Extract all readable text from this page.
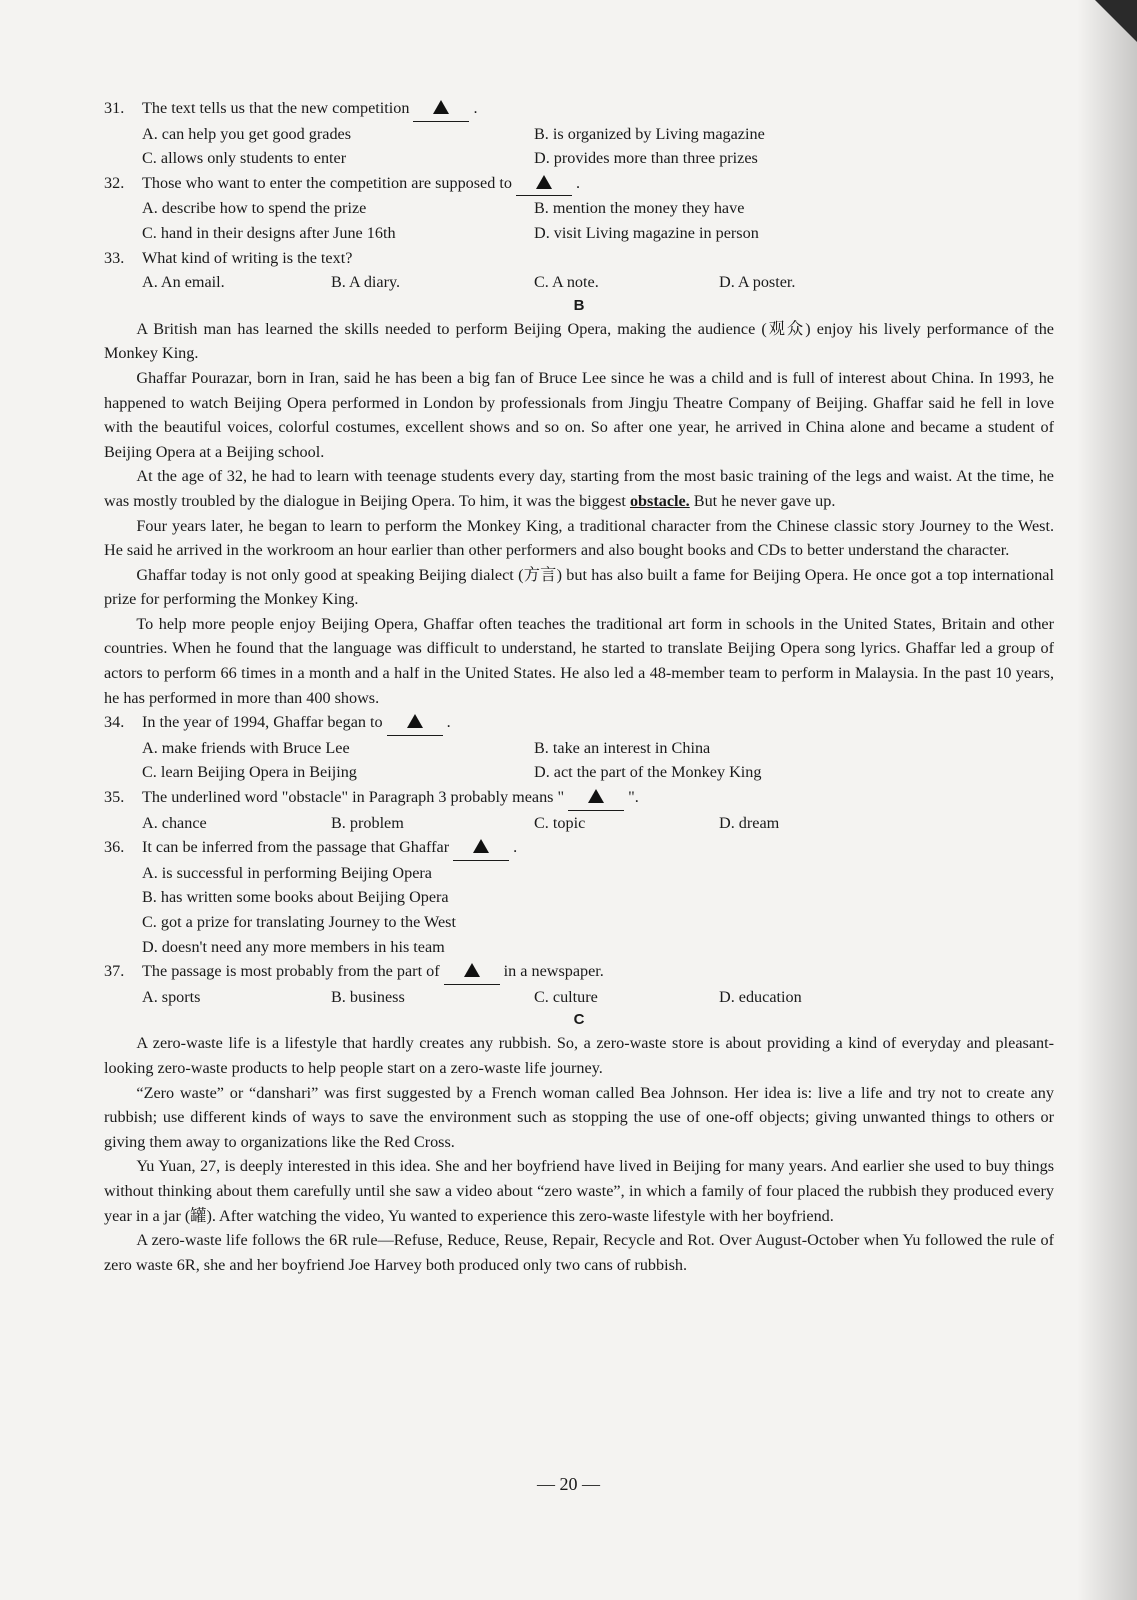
31. The text tells us that the new competition	.
A. can help you get good grades	B. is organized by Living magazine
C. allows only students to enter	D. provides more than three prizes
32. Those who want to enter the competition are supposed to	.
A. describe how to spend the prize	B. mention the money they have
C. hand in their designs after June 16th	D. visit Living magazine in person
33. What kind of writing is the text?
A. An email.	B. A diary.	C. A note.	D. A poster.
B

A British man has learned the skills needed to perform Beijing Opera, making the audience (观众) enjoy his lively performance of the Monkey King.

Ghaffar Pourazar, born in Iran, said he has been a big fan of Bruce Lee since he was a child and is full of interest about China. In 1993, he happened to watch Beijing Opera performed in London by professionals from Jingju Theatre Company of Beijing. Ghaffar said he fell in love with the beautiful voices, colorful costumes, excellent shows and so on. So after one year, he arrived in China alone and became a student of Beijing Opera at a Beijing school.

At the age of 32, he had to learn with teenage students every day, starting from the most basic training of the legs and waist. At the time, he was mostly troubled by the dialogue in Beijing Opera. To him, it was the biggest obstacle. But he never gave up.

Four years later, he began to learn to perform the Monkey King, a traditional character from the Chinese classic story Journey to the West. He said he arrived in the workroom an hour earlier than other performers and also bought books and CDs to better understand the character.

Ghaffar today is not only good at speaking Beijing dialect (方言) but has also built a fame for Beijing Opera. He once got a top international prize for performing the Monkey King.

To help more people enjoy Beijing Opera, Ghaffar often teaches the traditional art form in schools in the United States, Britain and other countries. When he found that the language was difficult to understand, he started to translate Beijing Opera song lyrics. Ghaffar led a group of actors to perform 66 times in a month and a half in the United States. He also led a 48-member team to perform in Malaysia. In the past 10 years, he has performed in more than 400 shows.

34. In the year of 1994, Ghaffar began to	.
A. make friends with Bruce Lee	B. take an interest in China
C. learn Beijing Opera in Beijing	D. act the part of the Monkey King
35. The underlined word "obstacle" in Paragraph 3 probably means "	".
A. chance	B. problem	C. topic	D. dream
36. It can be inferred from the passage that Ghaffar	.
A. is successful in performing Beijing Opera
B. has written some books about Beijing Opera
C. got a prize for translating Journey to the West
D. doesn't need any more members in his team
37. The passage is most probably from the part of	in a newspaper.
A. sports	B. business	C. culture	D. education
C

A zero-waste life is a lifestyle that hardly creates any rubbish. So, a zero-waste store is about providing a kind of everyday and pleasant-looking zero-waste products to help people start on a zero-waste life journey.

“Zero waste” or “danshari” was first suggested by a French woman called Bea Johnson. Her idea is: live a life and try not to create any rubbish; use different kinds of ways to save the environment such as stopping the use of one-off objects; giving unwanted things to others or giving them away to organizations like the Red Cross.

Yu Yuan, 27, is deeply interested in this idea. She and her boyfriend have lived in Beijing for many years. And earlier she used to buy things without thinking about them carefully until she saw a video about “zero waste”, in which a family of four placed the rubbish they produced every year in a jar (罐). After watching the video, Yu wanted to experience this zero-waste lifestyle with her boyfriend.

A zero-waste life follows the 6R rule—Refuse, Reduce, Reuse, Repair, Recycle and Rot. Over August-October when Yu followed the rule of zero waste 6R, she and her boyfriend Joe Harvey both produced only two cans of rubbish.

— 20 —
